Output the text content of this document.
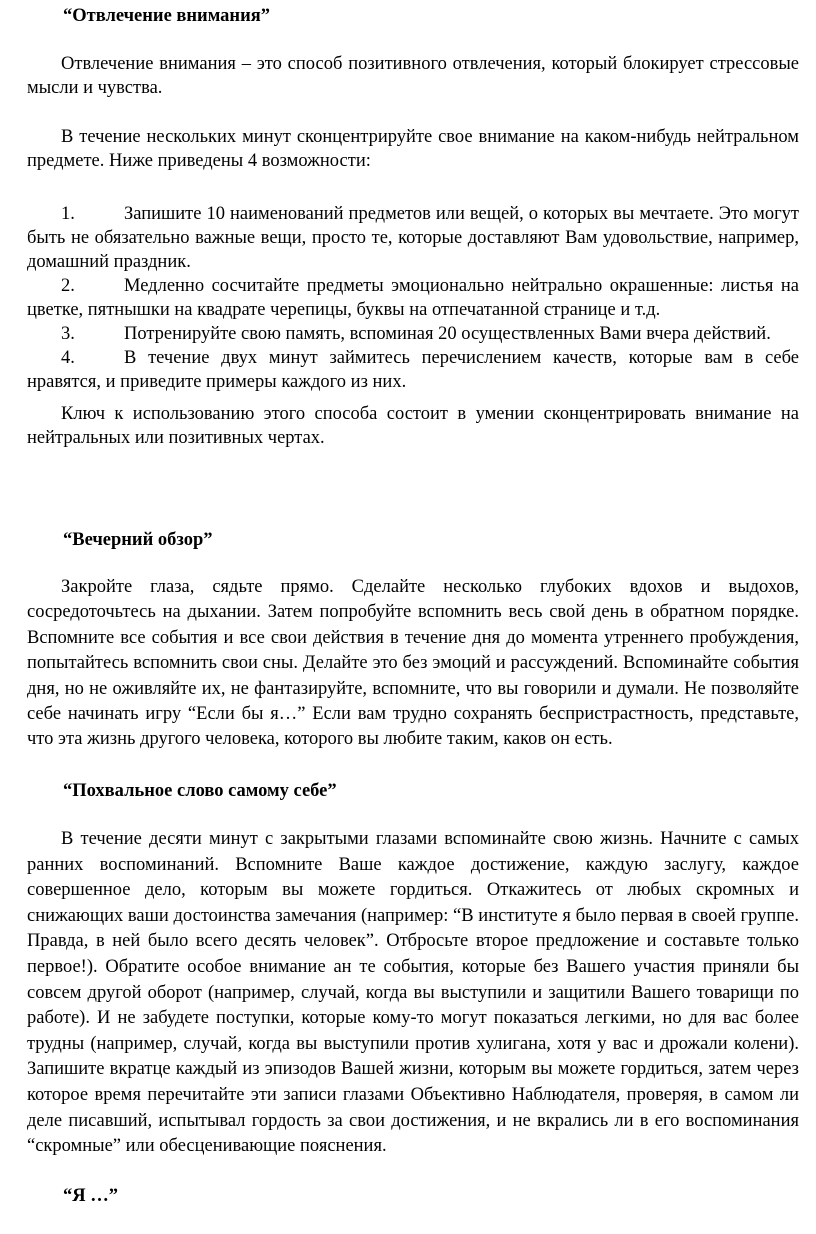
“Отвлечение внимания”

Отвлечение внимания – это способ позитивного отвлечения, который блокирует стрессовые мысли и чувства.

В течение нескольких минут сконцентрируйте свое внимание на каком-нибудь нейтральном предмете. Ниже приведены 4 возможности:

1.	Запишите 10 наименований предметов или вещей, о которых вы мечтаете. Это могут быть не обязательно важные вещи, просто те, которые доставляют Вам удовольствие, например, домашний праздник.
2.	Медленно сосчитайте предметы эмоционально нейтрально окрашенные: листья на цветке, пятнышки на квадрате черепицы, буквы на отпечатанной странице и т.д.
3.	Потренируйте свою память, вспоминая 20 осуществленных Вами вчера действий.
4.	В течение двух минут займитесь перечислением качеств, которые вам в себе нравятся, и приведите примеры каждого из них.

Ключ к использованию этого способа состоит в умении сконцентрировать внимание на нейтральных или позитивных чертах.

“Вечерний обзор”

Закройте глаза, сядьте прямо. Сделайте несколько глубоких вдохов и выдохов, сосредоточьтесь на дыхании. Затем попробуйте вспомнить весь свой день в обратном порядке. Вспомните все события и все свои действия в течение дня до момента утреннего пробуждения, попытайтесь вспомнить свои сны. Делайте это без эмоций и рассуждений. Вспоминайте события дня, но не оживляйте их, не фантазируйте, вспомните, что вы говорили и думали. Не позволяйте себе начинать игру “Если бы я…” Если вам трудно сохранять беспристрастность, представьте, что эта жизнь другого человека, которого вы любите таким, каков он есть.

“Похвальное слово самому себе”

В течение десяти минут с закрытыми глазами вспоминайте свою жизнь. Начните с самых ранних воспоминаний. Вспомните Ваше каждое достижение, каждую заслугу, каждое совершенное дело, которым вы можете гордиться. Откажитесь от любых скромных и снижающих ваши достоинства замечания (например: “В институте я было первая в своей группе. Правда, в ней было всего десять человек”. Отбросьте второе предложение и составьте только первое!). Обратите особое внимание ан те события, которые без Вашего участия приняли бы совсем другой оборот (например, случай, когда вы выступили и защитили Вашего товарищи по работе). И не забудете поступки, которые кому-то могут показаться легкими, но для вас более трудны (например, случай, когда вы выступили против хулигана, хотя у вас и дрожали колени). Запишите вкратце каждый из эпизодов Вашей жизни, которым вы можете гордиться, затем через которое время перечитайте эти записи глазами Объективно Наблюдателя, проверяя, в самом ли деле писавший, испытывал гордость за свои достижения, и не вкрались ли в его воспоминания “скромные” или обесценивающие пояснения.

“Я …”
